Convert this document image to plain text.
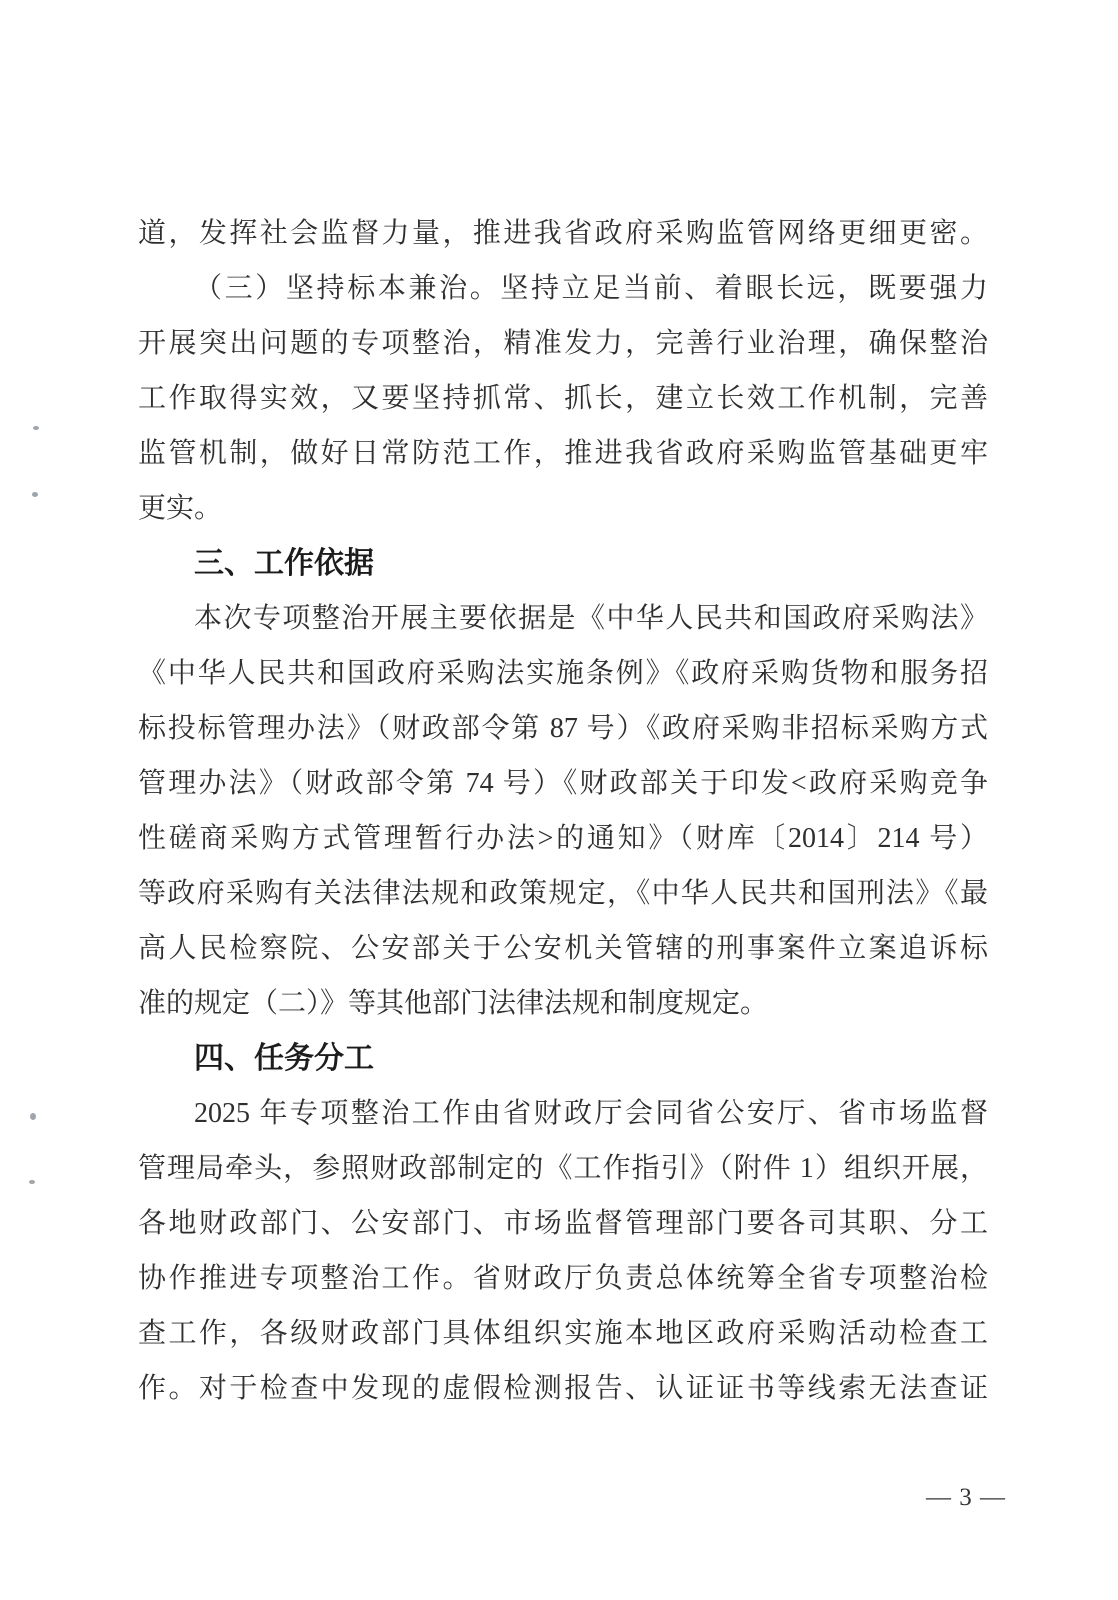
道，发挥社会监督力量，推进我省政府采购监管网络更细更密。
（三）坚持标本兼治。坚持立足当前、着眼长远，既要强力
开展突出问题的专项整治，精准发力，完善行业治理，确保整治
工作取得实效，又要坚持抓常、抓长，建立长效工作机制，完善
监管机制，做好日常防范工作，推进我省政府采购监管基础更牢
更实。
三、工作依据
本次专项整治开展主要依据是《中华人民共和国政府采购法》
《中华人民共和国政府采购法实施条例》《政府采购货物和服务招
标投标管理办法》（财政部令第 87 号）《政府采购非招标采购方式
管理办法》（财政部令第 74 号）《财政部关于印发<政府采购竞争
性磋商采购方式管理暂行办法>的通知》（财库〔2014〕214 号）
等政府采购有关法律法规和政策规定，《中华人民共和国刑法》《最
高人民检察院、公安部关于公安机关管辖的刑事案件立案追诉标
准的规定（二）》等其他部门法律法规和制度规定。
四、任务分工
2025 年专项整治工作由省财政厅会同省公安厅、省市场监督
管理局牵头，参照财政部制定的《工作指引》（附件 1）组织开展，
各地财政部门、公安部门、市场监督管理部门要各司其职、分工
协作推进专项整治工作。省财政厅负责总体统筹全省专项整治检
查工作，各级财政部门具体组织实施本地区政府采购活动检查工
作。对于检查中发现的虚假检测报告、认证证书等线索无法查证
— 3 —
